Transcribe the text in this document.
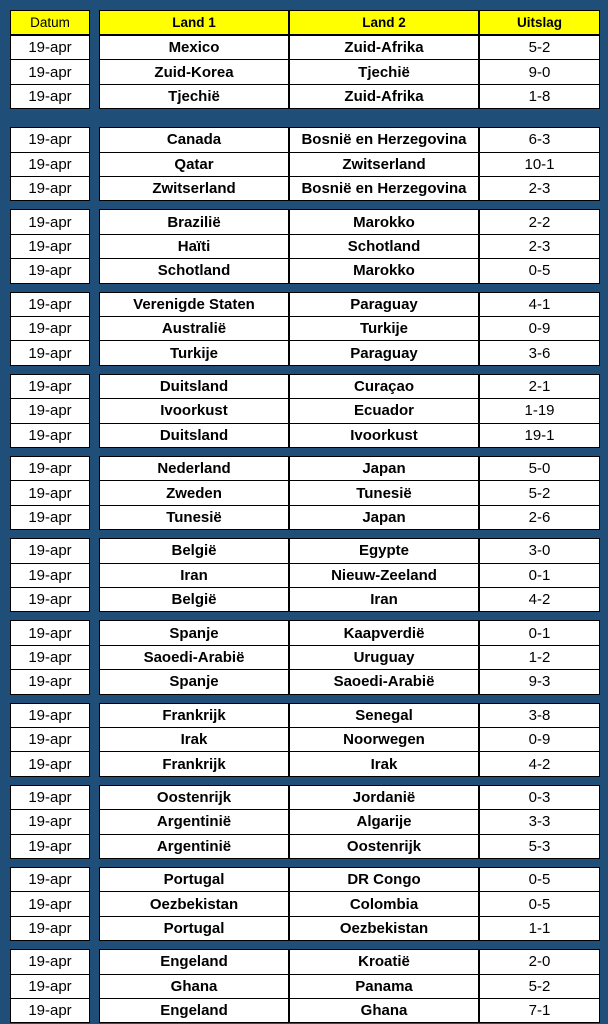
Datum	Land 1	Land 2	Uitslag
19-apr	Mexico	Zuid-Afrika	5-2
19-apr	Zuid-Korea	Tjechië	9-0
19-apr	Tjechië	Zuid-Afrika	1-8
19-apr	Canada	Bosnië en Herzegovina	6-3
19-apr	Qatar	Zwitserland	10-1
19-apr	Zwitserland	Bosnië en Herzegovina	2-3
19-apr	Brazilië	Marokko	2-2
19-apr	Haïti	Schotland	2-3
19-apr	Schotland	Marokko	0-5
19-apr	Verenigde Staten	Paraguay	4-1
19-apr	Australië	Turkije	0-9
19-apr	Turkije	Paraguay	3-6
19-apr	Duitsland	Curaçao	2-1
19-apr	Ivoorkust	Ecuador	1-19
19-apr	Duitsland	Ivoorkust	19-1
19-apr	Nederland	Japan	5-0
19-apr	Zweden	Tunesië	5-2
19-apr	Tunesië	Japan	2-6
19-apr	België	Egypte	3-0
19-apr	Iran	Nieuw-Zeeland	0-1
19-apr	België	Iran	4-2
19-apr	Spanje	Kaapverdië	0-1
19-apr	Saoedi-Arabië	Uruguay	1-2
19-apr	Spanje	Saoedi-Arabië	9-3
19-apr	Frankrijk	Senegal	3-8
19-apr	Irak	Noorwegen	0-9
19-apr	Frankrijk	Irak	4-2
19-apr	Oostenrijk	Jordanië	0-3
19-apr	Argentinië	Algarije	3-3
19-apr	Argentinië	Oostenrijk	5-3
19-apr	Portugal	DR Congo	0-5
19-apr	Oezbekistan	Colombia	0-5
19-apr	Portugal	Oezbekistan	1-1
19-apr	Engeland	Kroatië	2-0
19-apr	Ghana	Panama	5-2
19-apr	Engeland	Ghana	7-1
